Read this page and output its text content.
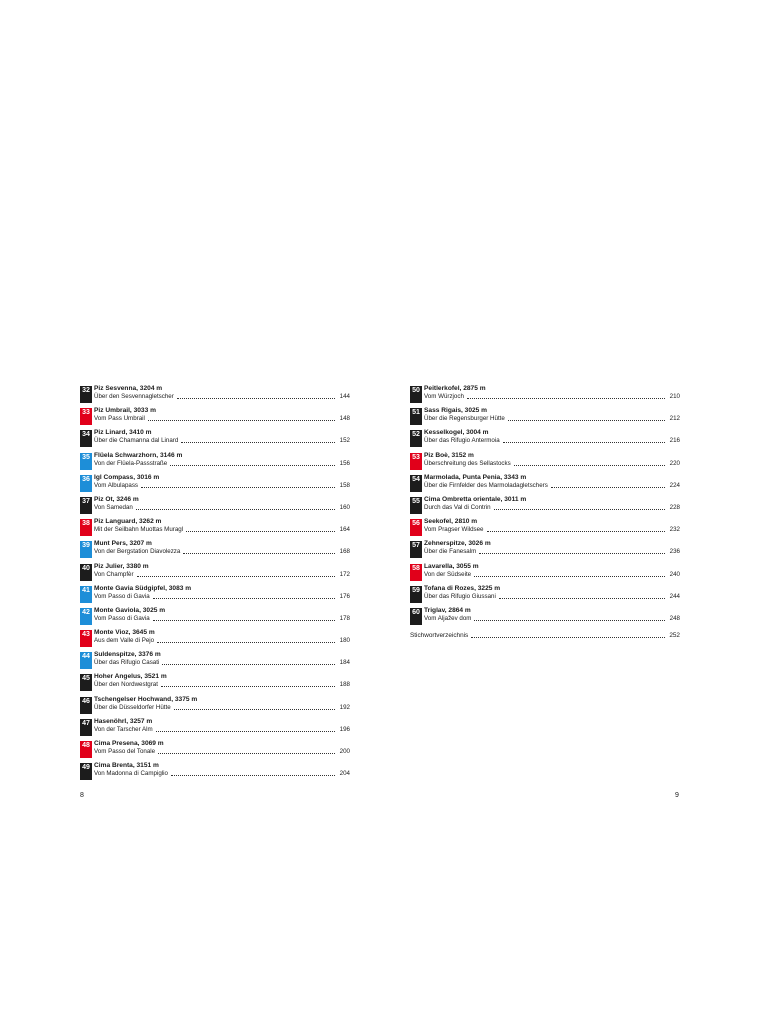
32 Piz Sesvenna, 3204 m
Über den Sesvennagletscher	144
33 Piz Umbrail, 3033 m
Vom Pass Umbrail	148
34 Piz Linard, 3410 m
Über die Chamanna dal Linard	152
35 Flüela Schwarzhorn, 3146 m
Von der Flüela-Passstraße	156
36 Igl Compass, 3016 m
Vom Albulapass	158
37 Piz Ot, 3246 m
Von Samedan	160
38 Piz Languard, 3262 m
Mit der Seilbahn Muottas Muragl	164
39 Munt Pers, 3207 m
Von der Bergstation Diavolezza	168
40 Piz Julier, 3380 m
Von Champfèr	172
41 Monte Gavia Südgipfel, 3083 m
Vom Passo di Gavia	176
42 Monte Gaviola, 3025 m
Vom Passo di Gavia	178
43 Monte Vioz, 3645 m
Aus dem Valle di Pejo	180
44 Suldenspitze, 3376 m
Über das Rifugio Casati	184
45 Hoher Angelus, 3521 m
Über den Nordwestgrat	188
46 Tschengelser Hochwand, 3375 m
Über die Düsseldorfer Hütte	192
47 Hasenöhrl, 3257 m
Von der Tarscher Alm	196
48 Cima Presena, 3069 m
Vom Passo del Tonale	200
49 Cima Brenta, 3151 m
Von Madonna di Campiglio	204
50 Peitlerkofel, 2875 m
Vom Würzjoch	210
51 Sass Rigais, 3025 m
Über die Regensburger Hütte	212
52 Kesselkogel, 3004 m
Über das Rifugio Antermoia	216
53 Piz Boè, 3152 m
Überschreitung des Sellastocks	220
54 Marmolada, Punta Penia, 3343 m
Über die Firnfelder des Marmoladagletschers	224
55 Cima Ombretta orientale, 3011 m
Durch das Val di Contrin	228
56 Seekofel, 2810 m
Vom Pragser Wildsee	232
57 Zehnerspitze, 3026 m
Über die Fanesalm	236
58 Lavarella, 3055 m
Von der Südseite	240
59 Tofana di Rozes, 3225 m
Über das Rifugio Giussani	244
60 Triglav, 2864 m
Vom Aljažev dom	248
Stichwortverzeichnis	252
8	9
